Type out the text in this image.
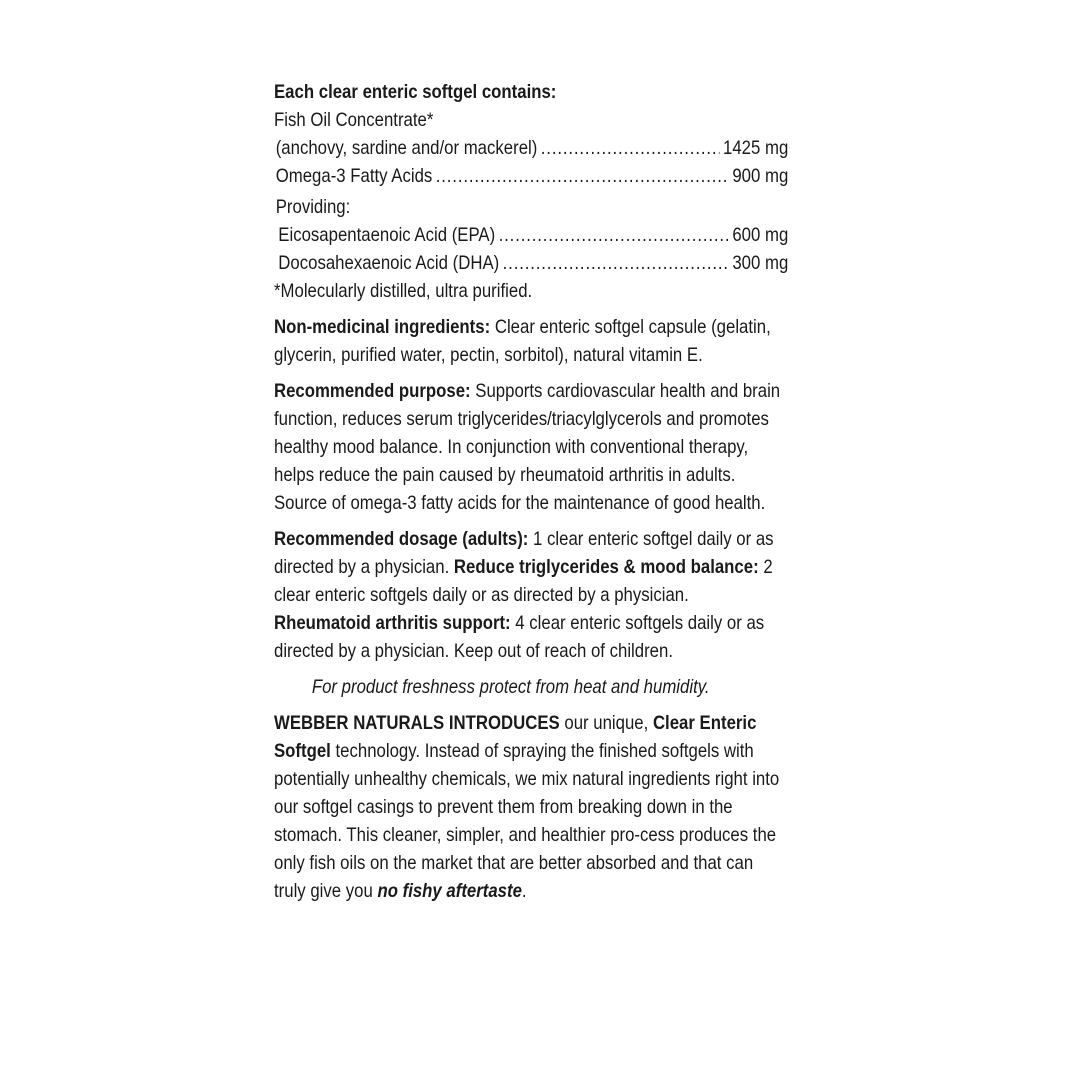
Each clear enteric softgel contains:

Fish Oil Concentrate*

(anchovy, sardine and/or mackerel) .....	1425 mg
Omega-3 Fatty Acids .....	900 mg

Providing:

Eicosapentaenoic Acid (EPA) .....	600 mg
Docosahexaenoic Acid (DHA) .....	300 mg

*Molecularly distilled, ultra purified.

Non-medicinal ingredients: Clear enteric softgel capsule (gelatin, glycerin, purified water, pectin, sorbitol), natural vitamin E.

Recommended purpose: Supports cardiovascular health and brain function, reduces serum triglycerides/triacylglycerols and promotes healthy mood balance. In conjunction with conventional therapy, helps reduce the pain caused by rheumatoid arthritis in adults. Source of omega-3 fatty acids for the maintenance of good health.

Recommended dosage (adults): 1 clear enteric softgel daily or as directed by a physician. Reduce triglycerides & mood balance: 2 clear enteric softgels daily or as directed by a physician. Rheumatoid arthritis support: 4 clear enteric softgels daily or as directed by a physician. Keep out of reach of children.

For product freshness protect from heat and humidity.

WEBBER NATURALS INTRODUCES our unique, Clear Enteric Softgel technology. Instead of spraying the finished softgels with potentially unhealthy chemicals, we mix natural ingredients right into our softgel casings to prevent them from breaking down in the stomach. This cleaner, simpler, and healthier pro-cess produces the only fish oils on the market that are better absorbed and that can truly give you no fishy aftertaste.
